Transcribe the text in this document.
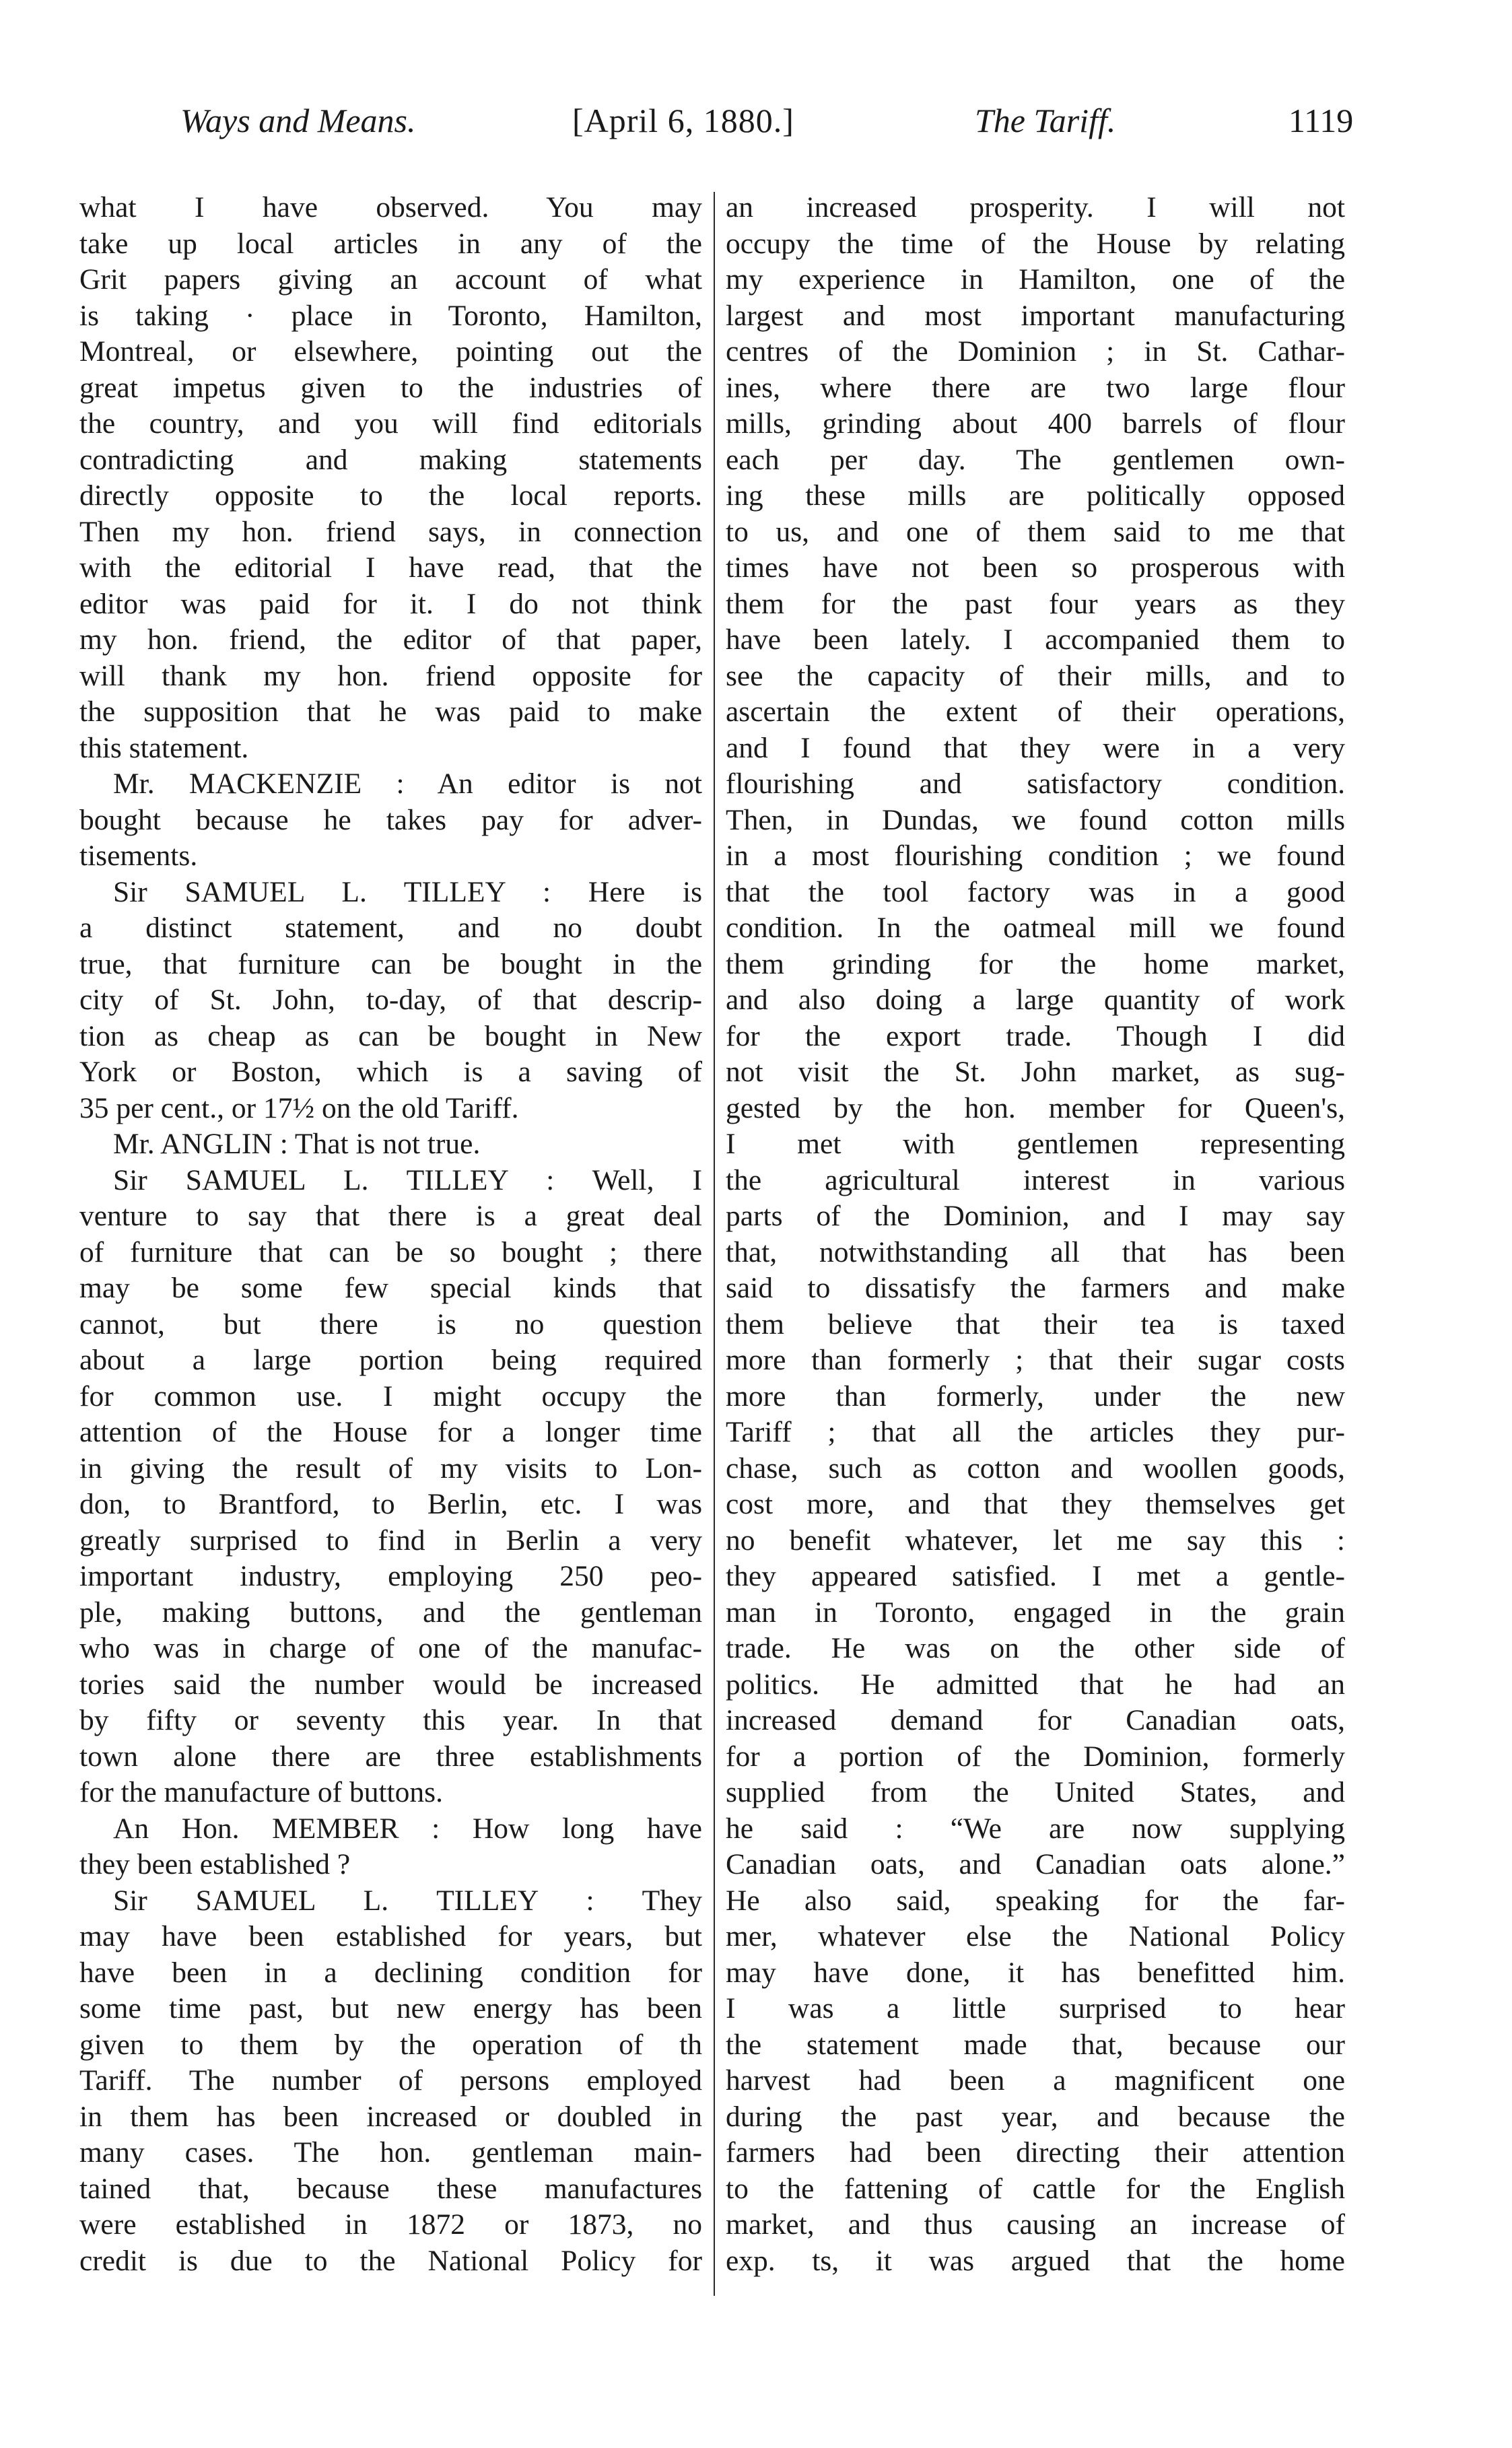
Ways and Means.	[April 6, 1880.]	The Tariff.	1119
what I have observed. You may
take up local articles in any of the
Grit papers giving an account of what
is taking · place in Toronto, Hamilton,
Montreal, or elsewhere, pointing out the
great impetus given to the industries of
the country, and you will find editorials
contradicting and making statements
directly opposite to the local reports.
Then my hon. friend says, in connection
with the editorial I have read, that the
editor was paid for it. I do not think
my hon. friend, the editor of that paper,
will thank my hon. friend opposite for
the supposition that he was paid to make
this statement.
Mr. MACKENZIE : An editor is not
bought because he takes pay for adver-
tisements.
Sir SAMUEL L. TILLEY : Here is
a distinct statement, and no doubt
true, that furniture can be bought in the
city of St. John, to-day, of that descrip-
tion as cheap as can be bought in New
York or Boston, which is a saving of
35 per cent., or 17½ on the old Tariff.
Mr. ANGLIN : That is not true.
Sir SAMUEL L. TILLEY : Well, I
venture to say that there is a great deal
of furniture that can be so bought ; there
may be some few special kinds that
cannot, but there is no question
about a large portion being required
for common use. I might occupy the
attention of the House for a longer time
in giving the result of my visits to Lon-
don, to Brantford, to Berlin, etc. I was
greatly surprised to find in Berlin a very
important industry, employing 250 peo-
ple, making buttons, and the gentleman
who was in charge of one of the manufac-
tories said the number would be increased
by fifty or seventy this year. In that
town alone there are three establishments
for the manufacture of buttons.
An Hon. MEMBER : How long have
they been established ?
Sir SAMUEL L. TILLEY : They
may have been established for years, but
have been in a declining condition for
some time past, but new energy has been
given to them by the operation of th
Tariff. The number of persons employed
in them has been increased or doubled in
many cases. The hon. gentleman main-
tained that, because these manufactures
were established in 1872 or 1873, no
credit is due to the National Policy for
an increased prosperity. I will not
occupy the time of the House by relating
my experience in Hamilton, one of the
largest and most important manufacturing
centres of the Dominion ; in St. Cathar-
ines, where there are two large flour
mills, grinding about 400 barrels of flour
each per day. The gentlemen own-
ing these mills are politically opposed
to us, and one of them said to me that
times have not been so prosperous with
them for the past four years as they
have been lately. I accompanied them to
see the capacity of their mills, and to
ascertain the extent of their operations,
and I found that they were in a very
flourishing and satisfactory condition.
Then, in Dundas, we found cotton mills
in a most flourishing condition ; we found
that the tool factory was in a good
condition. In the oatmeal mill we found
them grinding for the home market,
and also doing a large quantity of work
for the export trade. Though I did
not visit the St. John market, as sug-
gested by the hon. member for Queen's,
I met with gentlemen representing
the agricultural interest in various
parts of the Dominion, and I may say
that, notwithstanding all that has been
said to dissatisfy the farmers and make
them believe that their tea is taxed
more than formerly ; that their sugar costs
more than formerly, under the new
Tariff ; that all the articles they pur-
chase, such as cotton and woollen goods,
cost more, and that they themselves get
no benefit whatever, let me say this :
they appeared satisfied. I met a gentle-
man in Toronto, engaged in the grain
trade. He was on the other side of
politics. He admitted that he had an
increased demand for Canadian oats,
for a portion of the Dominion, formerly
supplied from the United States, and
he said : “We are now supplying
Canadian oats, and Canadian oats alone.”
He also said, speaking for the far-
mer, whatever else the National Policy
may have done, it has benefitted him.
I was a little surprised to hear
the statement made that, because our
harvest had been a magnificent one
during the past year, and because the
farmers had been directing their attention
to the fattening of cattle for the English
market, and thus causing an increase of
exp. ts, it was argued that the home
